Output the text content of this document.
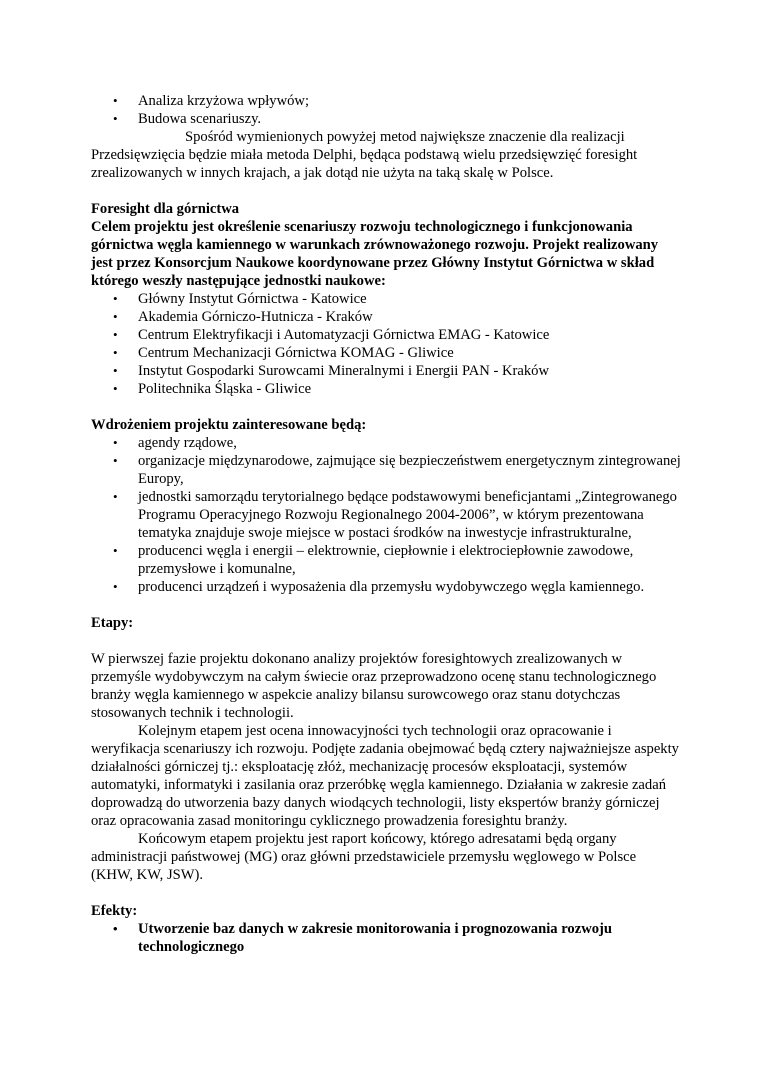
• Analiza krzyżowa wpływów;
• Budowa scenariuszy.

Spośród wymienionych powyżej metod największe znaczenie dla realizacji Przedsięwzięcia będzie miała metoda Delphi, będąca podstawą wielu przedsięwzięć foresight zrealizowanych w innych krajach, a jak dotąd nie użyta na taką skalę w Polsce.

Foresight dla górnictwa

Celem projektu jest określenie scenariuszy rozwoju technologicznego i funkcjonowania górnictwa węgla kamiennego w warunkach zrównoważonego rozwoju. Projekt realizowany jest przez Konsorcjum Naukowe koordynowane przez Główny Instytut Górnictwa w skład którego weszły następujące jednostki naukowe:

• Główny Instytut Górnictwa - Katowice
• Akademia Górniczo-Hutnicza - Kraków
• Centrum Elektryfikacji i Automatyzacji Górnictwa EMAG - Katowice
• Centrum Mechanizacji Górnictwa KOMAG - Gliwice
• Instytut Gospodarki Surowcami Mineralnymi i Energii PAN - Kraków
• Politechnika Śląska - Gliwice

Wdrożeniem projektu zainteresowane będą:

• agendy rządowe,
• organizacje międzynarodowe, zajmujące się bezpieczeństwem energetycznym zintegrowanej Europy,
• jednostki samorządu terytorialnego będące podstawowymi beneficjantami „Zintegrowanego Programu Operacyjnego Rozwoju Regionalnego 2004-2006”, w którym prezentowana tematyka znajduje swoje miejsce w postaci środków na inwestycje infrastrukturalne,
• producenci węgla i energii – elektrownie, ciepłownie i elektrociepłownie zawodowe, przemysłowe i komunalne,
• producenci urządzeń i wyposażenia dla przemysłu wydobywczego węgla kamiennego.

Etapy:

W pierwszej fazie projektu dokonano analizy projektów foresightowych zrealizowanych w przemyśle wydobywczym na całym świecie oraz przeprowadzono ocenę stanu technologicznego branży węgla kamiennego w aspekcie analizy bilansu surowcowego oraz stanu dotychczas stosowanych technik i technologii.

Kolejnym etapem jest ocena innowacyjności tych technologii oraz opracowanie i weryfikacja scenariuszy ich rozwoju. Podjęte zadania obejmować będą cztery najważniejsze aspekty działalności górniczej tj.: eksploatację złóż, mechanizację procesów eksploatacji, systemów automatyki, informatyki i zasilania oraz przeróbkę węgla kamiennego. Działania w zakresie zadań doprowadzą do utworzenia bazy danych wiodących technologii, listy ekspertów branży górniczej oraz opracowania zasad monitoringu cyklicznego prowadzenia foresightu branży.

Końcowym etapem projektu jest raport końcowy, którego adresatami będą organy administracji państwowej (MG) oraz główni przedstawiciele przemysłu węglowego w Polsce (KHW, KW, JSW).

Efekty:

• Utworzenie baz danych w zakresie monitorowania i prognozowania rozwoju technologicznego
